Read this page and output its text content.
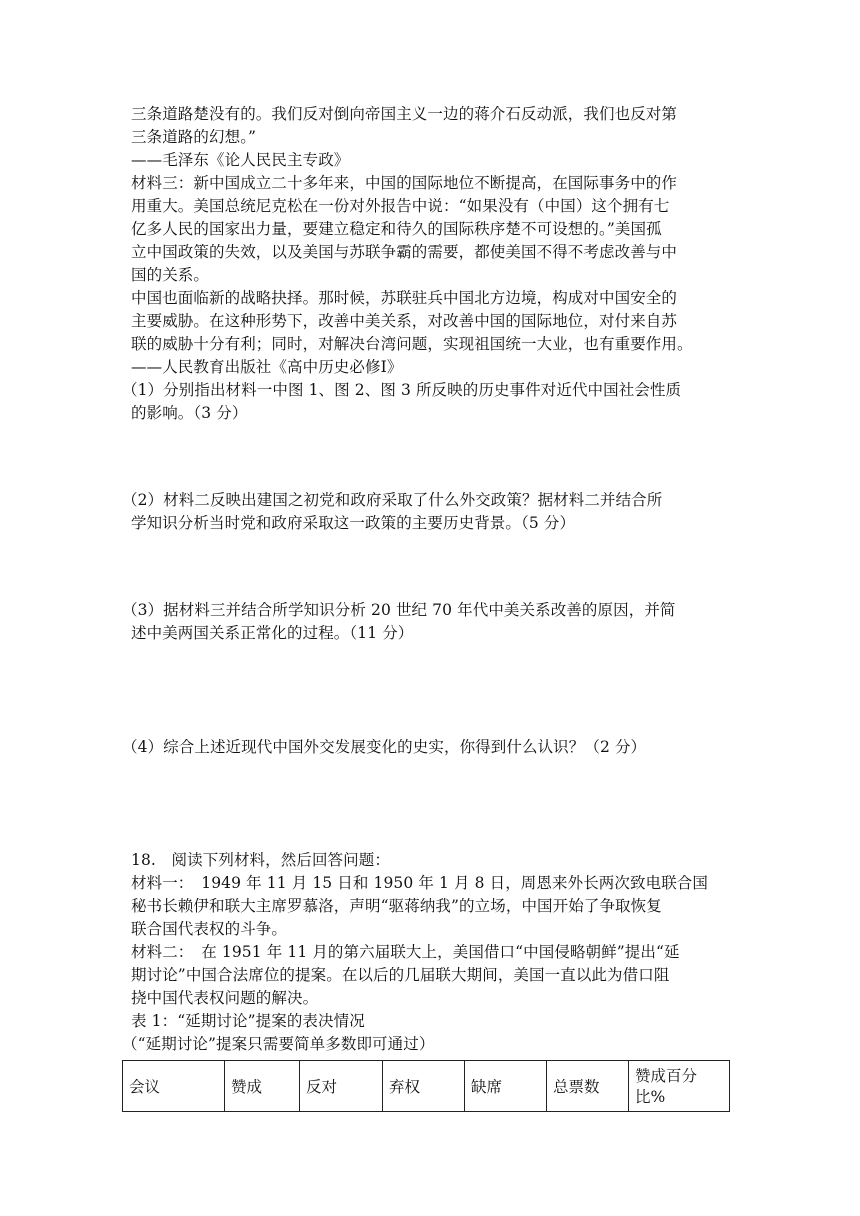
三条道路楚没有的。我们反对倒向帝国主义一边的蒋介石反动派，我们也反对第
三条道路的幻想。”
——毛泽东《论人民民主专政》
材料三：新中国成立二十多年来，中国的国际地位不断提高，在国际事务中的作
用重大。美国总统尼克松在一份对外报告中说：“如果没有（中国）这个拥有七
亿多人民的国家出力量，要建立稳定和待久的国际秩序楚不可设想的。”美国孤
立中国政策的失效，以及美国与苏联争霸的需要，都使美国不得不考虑改善与中
国的关系。
中国也面临新的战略抉择。那时候，苏联驻兵中国北方边境，构成对中国安全的
主要威胁。在这种形势下，改善中美关系，对改善中国的国际地位，对付来自苏
联的威胁十分有利；同时，对解决台湾问题，实现祖国统一大业，也有重要作用。
——人民教育出版社《高中历史必修Ⅰ》
（1）分别指出材料一中图 1、图 2、图 3 所反映的历史事件对近代中国社会性质
的影响。（3 分）
（2）材料二反映出建国之初党和政府采取了什么外交政策？据材料二并结合所
学知识分析当时党和政府采取这一政策的主要历史背景。（5 分）
（3）据材料三并结合所学知识分析 20 世纪 70 年代中美关系改善的原因，并简
述中美两国关系正常化的过程。（11 分）
（4）综合上述近现代中国外交发展变化的史实，你得到什么认识？（2 分）
18.　阅读下列材料，然后回答问题：
材料一：　1949 年 11 月 15 日和 1950 年 1 月 8 日，周恩来外长两次致电联合国
秘书长赖伊和联大主席罗慕洛，声明“驱蒋纳我”的立场，中国开始了争取恢复
联合国代表权的斗争。
材料二：　在 1951 年 11 月的第六届联大上，美国借口“中国侵略朝鲜”提出“延
期讨论”中国合法席位的提案。在以后的几届联大期间，美国一直以此为借口阻
挠中国代表权问题的解决。
表 1：“延期讨论”提案的表决情况
（“延期讨论”提案只需要简单多数即可通过）
会议	赞成	反对	弃权	缺席	总票数	赞成百分比%
